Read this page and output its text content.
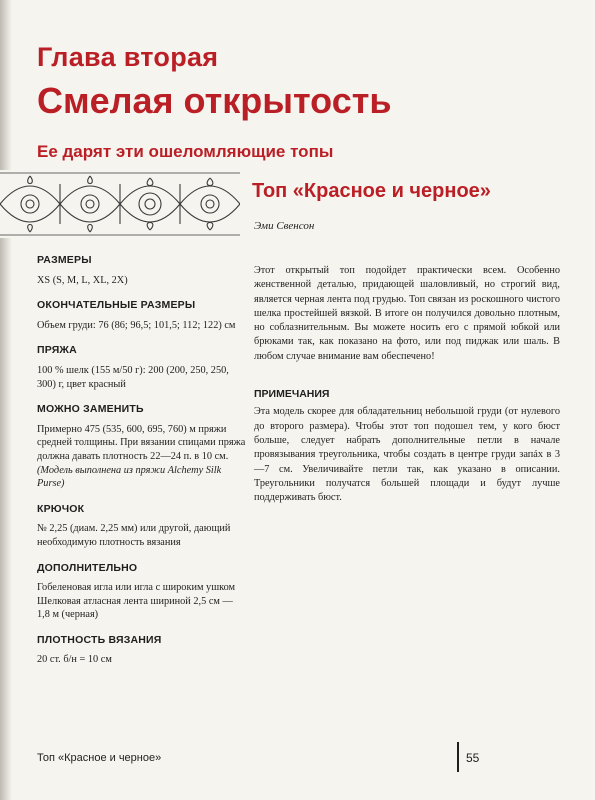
Глава вторая
Смелая открытость
Ее дарят эти ошеломляющие топы
Топ «Красное и черное»
Эми Свенсон
РАЗМЕРЫ

XS (S, M, L, XL, 2X)

ОКОНЧАТЕЛЬНЫЕ РАЗМЕРЫ

Объем груди: 76 (86; 96,5; 101,5; 112; 122) см

ПРЯЖА

100 % шелк (155 м/50 г): 200 (200, 250, 250, 300) г, цвет красный

МОЖНО ЗАМЕНИТЬ

Примерно 475 (535, 600, 695, 760) м пряжи средней толщины. При вязании спицами пряжа должна давать плотность 22—24 п. в 10 см.

(Модель выполнена из пряжи Alchemy Silk Purse)

КРЮЧОК

№ 2,25 (диам. 2,25 мм) или другой, дающий необходимую плотность вязания

ДОПОЛНИТЕЛЬНО

Гобеленовая игла или игла с широким ушком

Шелковая атласная лента шириной 2,5 см — 1,8 м (черная)

ПЛОТНОСТЬ ВЯЗАНИЯ

20 ст. б/н = 10 см

Этот открытый топ подойдет практически всем. Особенно женственной деталью, придающей шаловливый, но строгий вид, является черная лента под грудью. Топ связан из роскошного чистого шелка простейшей вязкой. В итоге он получился довольно плотным, но соблазнительным. Вы можете носить его с прямой юбкой или брюками так, как показано на фото, или под пиджак или шаль. В любом случае внимание вам обеспечено!

ПРИМЕЧАНИЯ

Эта модель скорее для обладательниц небольшой груди (от нулевого до второго размера). Чтобы этот топ подошел тем, у кого бюст больше, следует набрать дополнительные петли в начале провязывания треугольника, чтобы создать в центре груди запáх в 3—7 см. Увеличивайте петли так, как указано в описании. Треугольники получатся большей площади и будут лучше поддерживать бюст.

Топ «Красное и черное»	55
